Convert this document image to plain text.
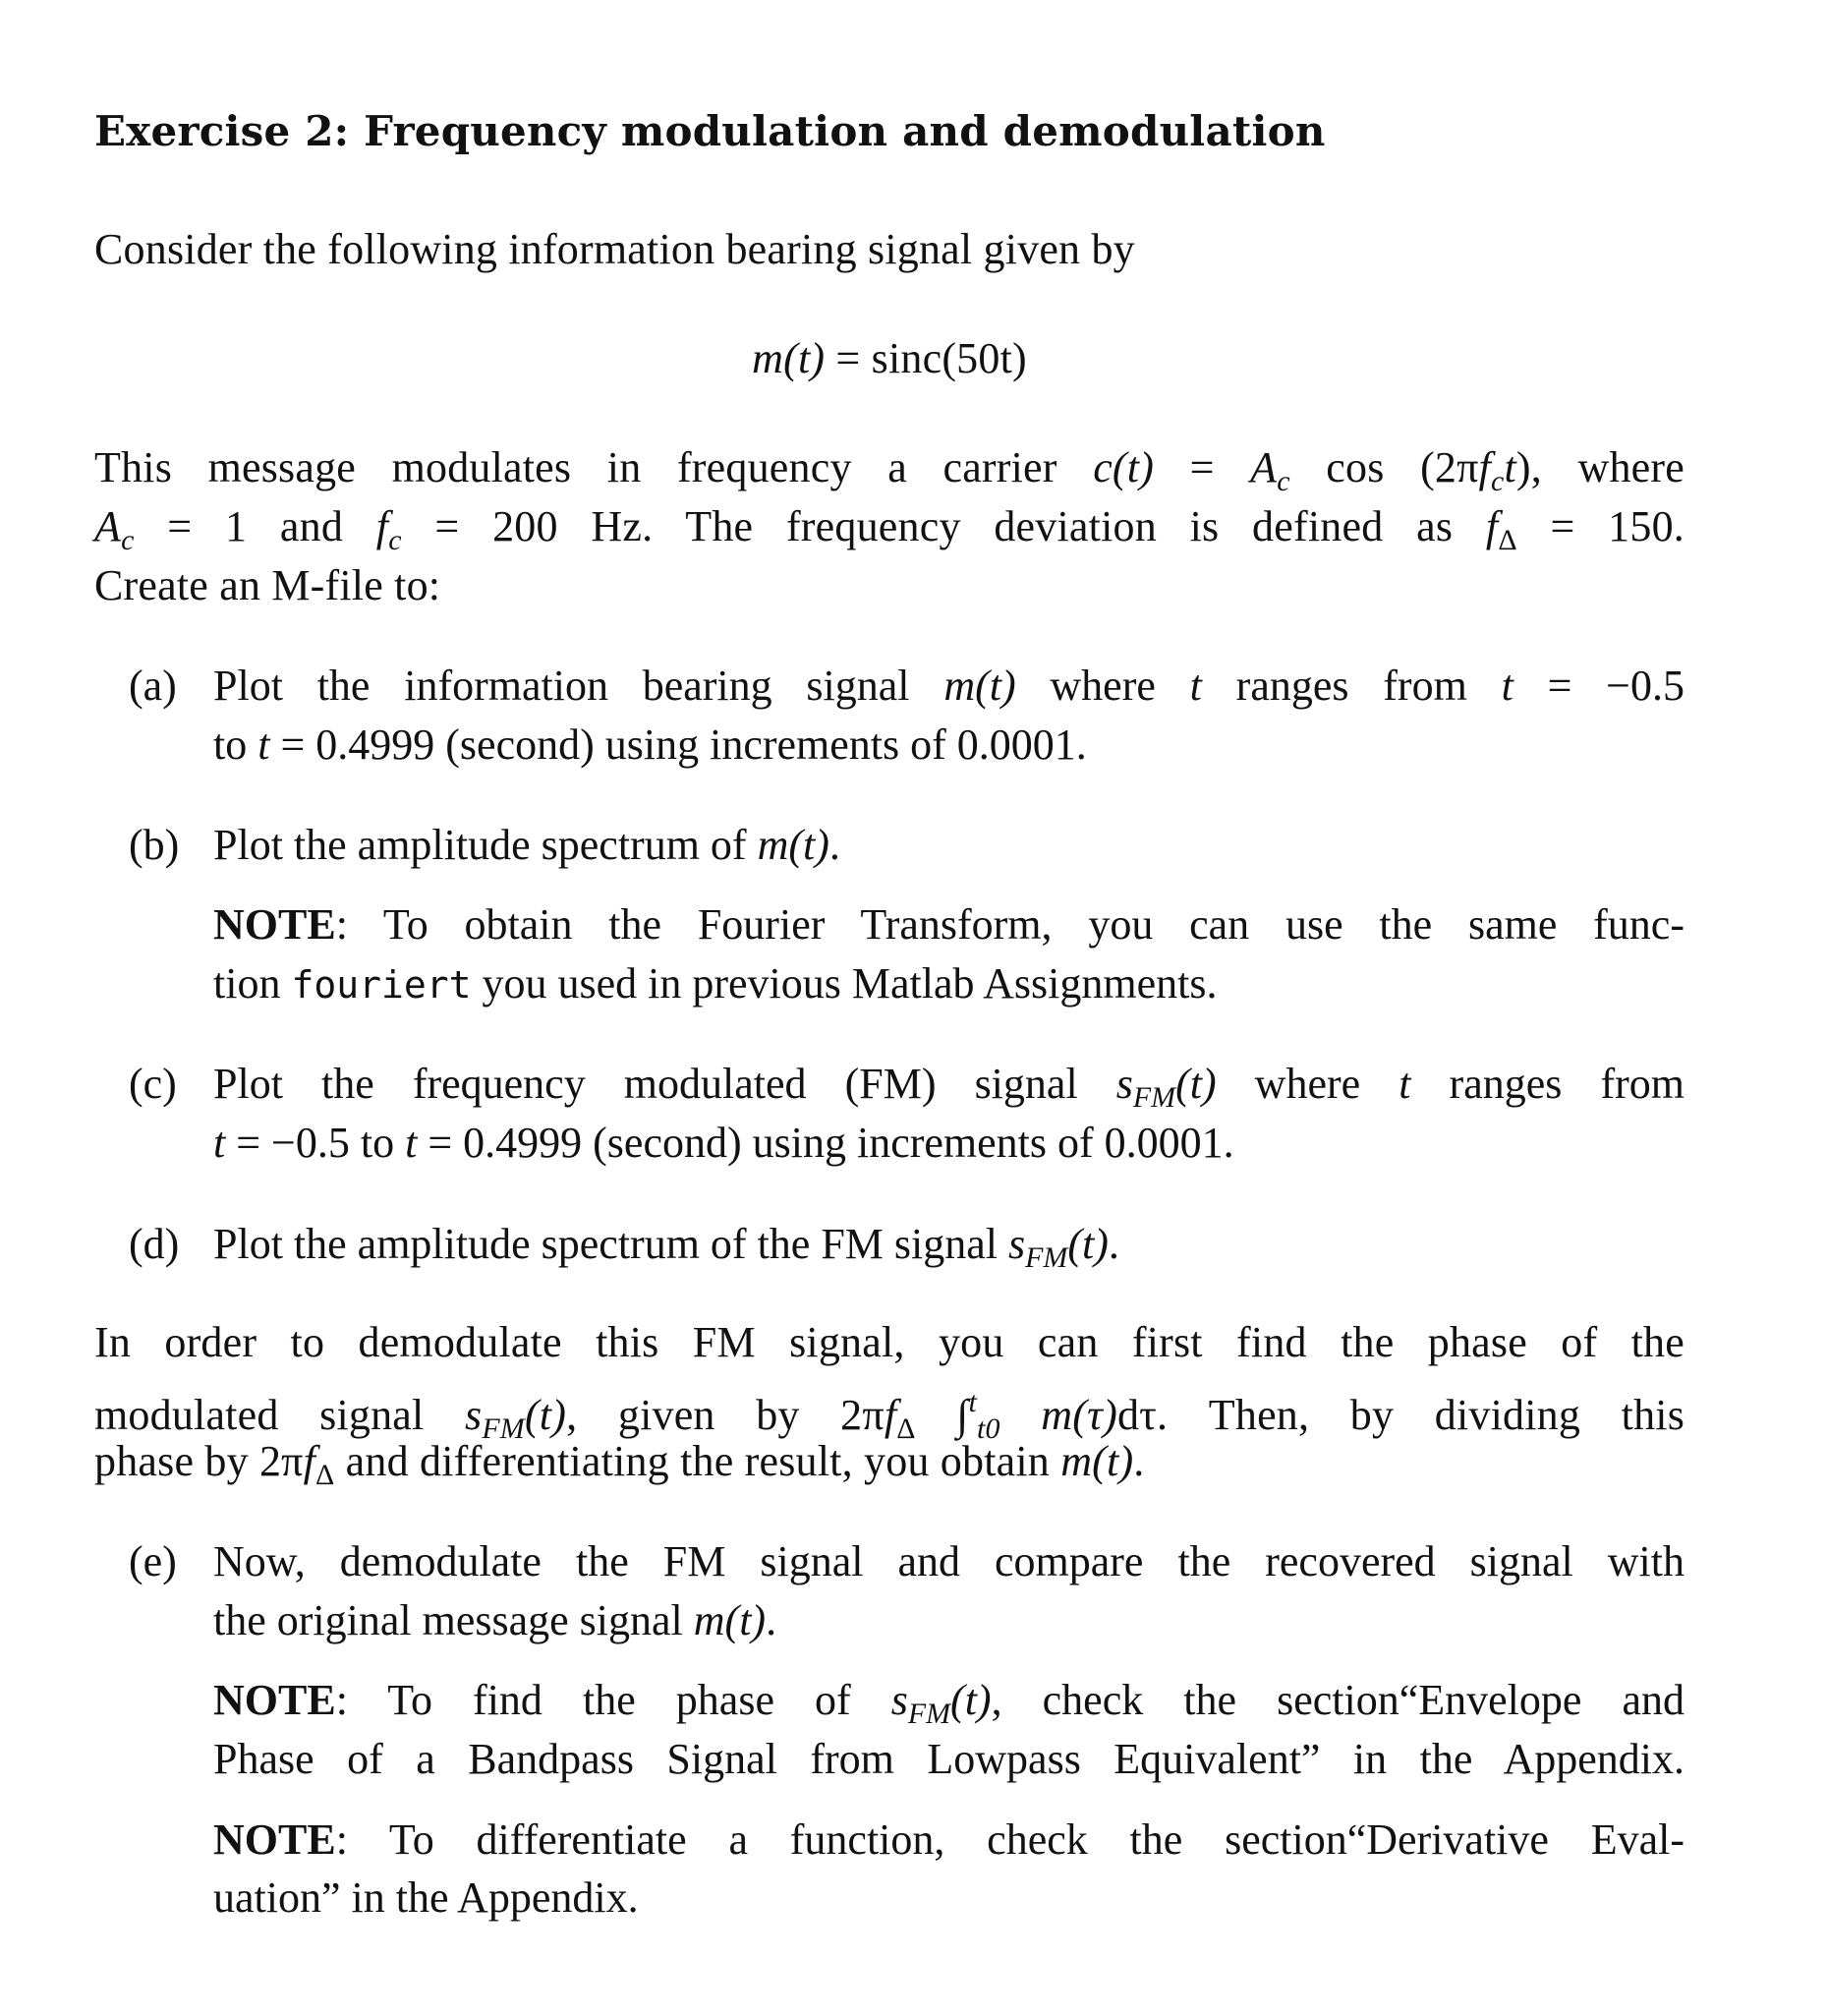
Exercise 2: Frequency modulation and demodulation
Consider the following information bearing signal given by
m(t) = sinc(50t)
This message modulates in frequency a carrier $c(t) = A_c$ $\cos (2\pi f_ct)$, where
$A_c = 1$ and $f_c = 200$ Hz. The frequency deviation is defined as $f_\Delta = 150$.
Create an M-file to:
(a) Plot the information bearing signal m(t) where t ranges from t = −0.5
to t = 0.4999 (second) using increments of 0.0001.
(b) Plot the amplitude spectrum of m(t).
NOTE: To obtain the Fourier Transform, you can use the same func-
tion fouriert you used in previous Matlab Assignments.
(c) Plot the frequency modulated (FM) signal $s_{FM}(t)$ where t ranges from
t = −0.5 to t = 0.4999 (second) using increments of 0.0001.
(d) Plot the amplitude spectrum of the FM signal $s_{FM}(t)$.
In order to demodulate this FM signal, you can first find the phase of the
modulated signal $s_{FM}(t)$, given by $2\pi f_\Delta$ ∫$^t_{t0}$ m(τ)dτ. Then, by dividing this
phase by $2\pi f_\Delta$ and differentiating the result, you obtain m(t).
(e) Now, demodulate the FM signal and compare the recovered signal with
the original message signal m(t).
NOTE: To find the phase of $s_{FM}(t)$, check the section“Envelope and
Phase of a Bandpass Signal from Lowpass Equivalent” in the Appendix.
NOTE: To differentiate a function, check the section“Derivative Eval-
uation” in the Appendix.
